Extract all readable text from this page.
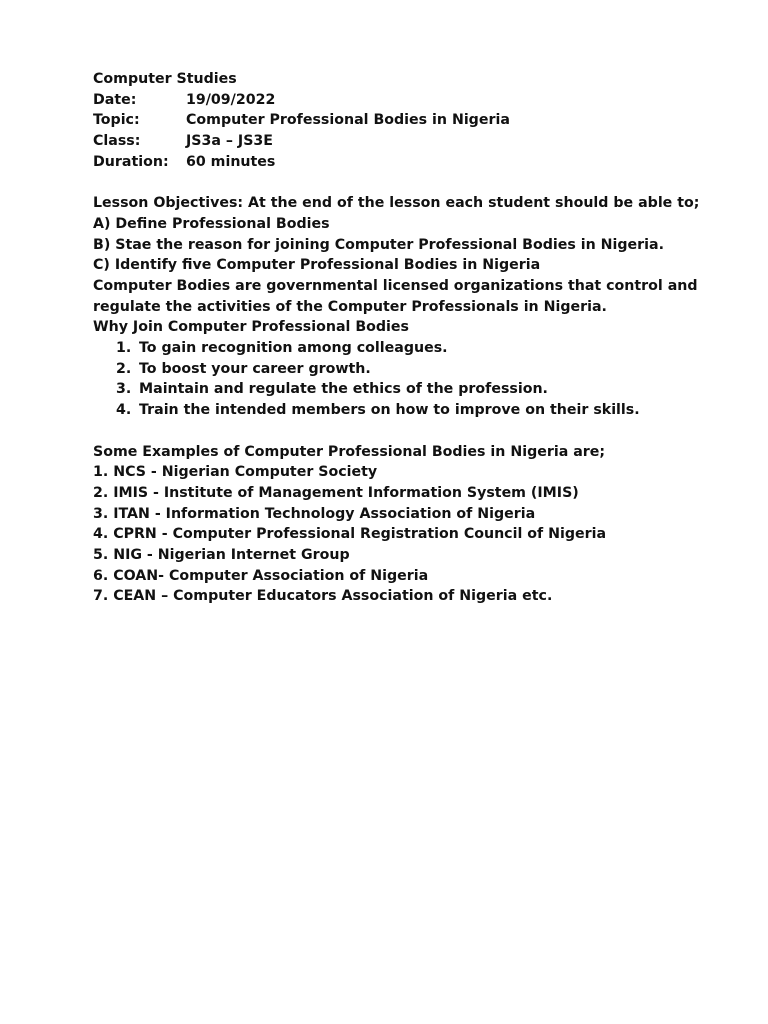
Computer Studies
Date:	19/09/2022
Topic:	Computer Professional Bodies in Nigeria
Class:	JS3a – JS3E
Duration: 60 minutes
Lesson Objectives: At the end of the lesson each student should be able to;
A) Define Professional Bodies
B) Stae the reason for joining Computer Professional Bodies in Nigeria.
C) Identify five Computer Professional Bodies in Nigeria
Computer Bodies are governmental licensed organizations that control and
regulate the activities of the Computer Professionals in Nigeria.
Why Join Computer Professional Bodies
1. To gain recognition among colleagues.
2. To boost your career growth.
3. Maintain and regulate the ethics of the profession.
4. Train the intended members on how to improve on their skills.
Some Examples of Computer Professional Bodies in Nigeria are;
1. NCS - Nigerian Computer Society
2. IMIS - Institute of Management Information System (IMIS)
3. ITAN - Information Technology Association of Nigeria
4. CPRN - Computer Professional Registration Council of Nigeria
5. NIG - Nigerian Internet Group
6. COAN- Computer Association of Nigeria
7. CEAN – Computer Educators Association of Nigeria etc.
